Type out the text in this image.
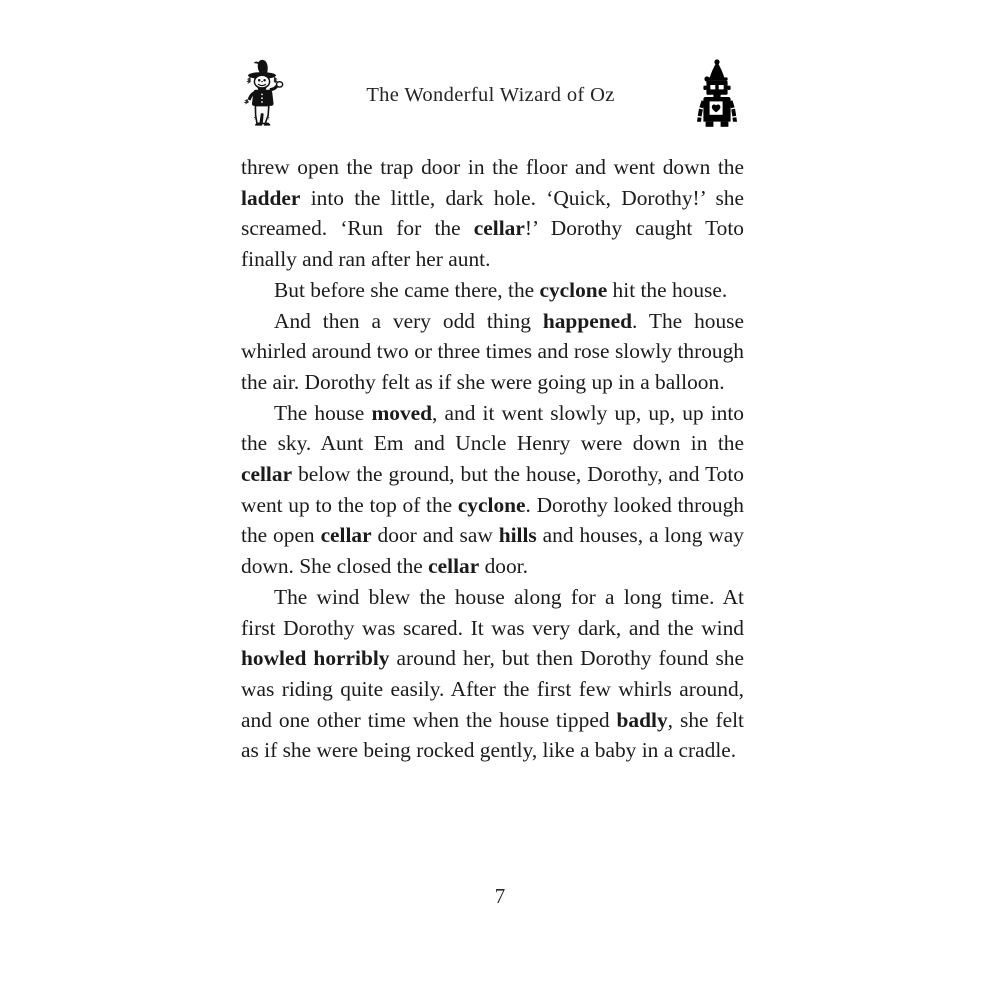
The Wonderful Wizard of Oz

threw open the trap door in the floor and went down the ladder into the little, dark hole. ‘Quick, Dorothy!’ she screamed. ‘Run for the cellar!’ Dorothy caught Toto finally and ran after her aunt.

But before she came there, the cyclone hit the house.

And then a very odd thing happened. The house whirled around two or three times and rose slowly through the air. Dorothy felt as if she were going up in a balloon.

The house moved, and it went slowly up, up, up into the sky. Aunt Em and Uncle Henry were down in the cellar below the ground, but the house, Dorothy, and Toto went up to the top of the cyclone. Dorothy looked through the open cellar door and saw hills and houses, a long way down. She closed the cellar door.

The wind blew the house along for a long time. At first Dorothy was scared. It was very dark, and the wind howled horribly around her, but then Dorothy found she was riding quite easily. After the first few whirls around, and one other time when the house tipped badly, she felt as if she were being rocked gently, like a baby in a cradle.

7
